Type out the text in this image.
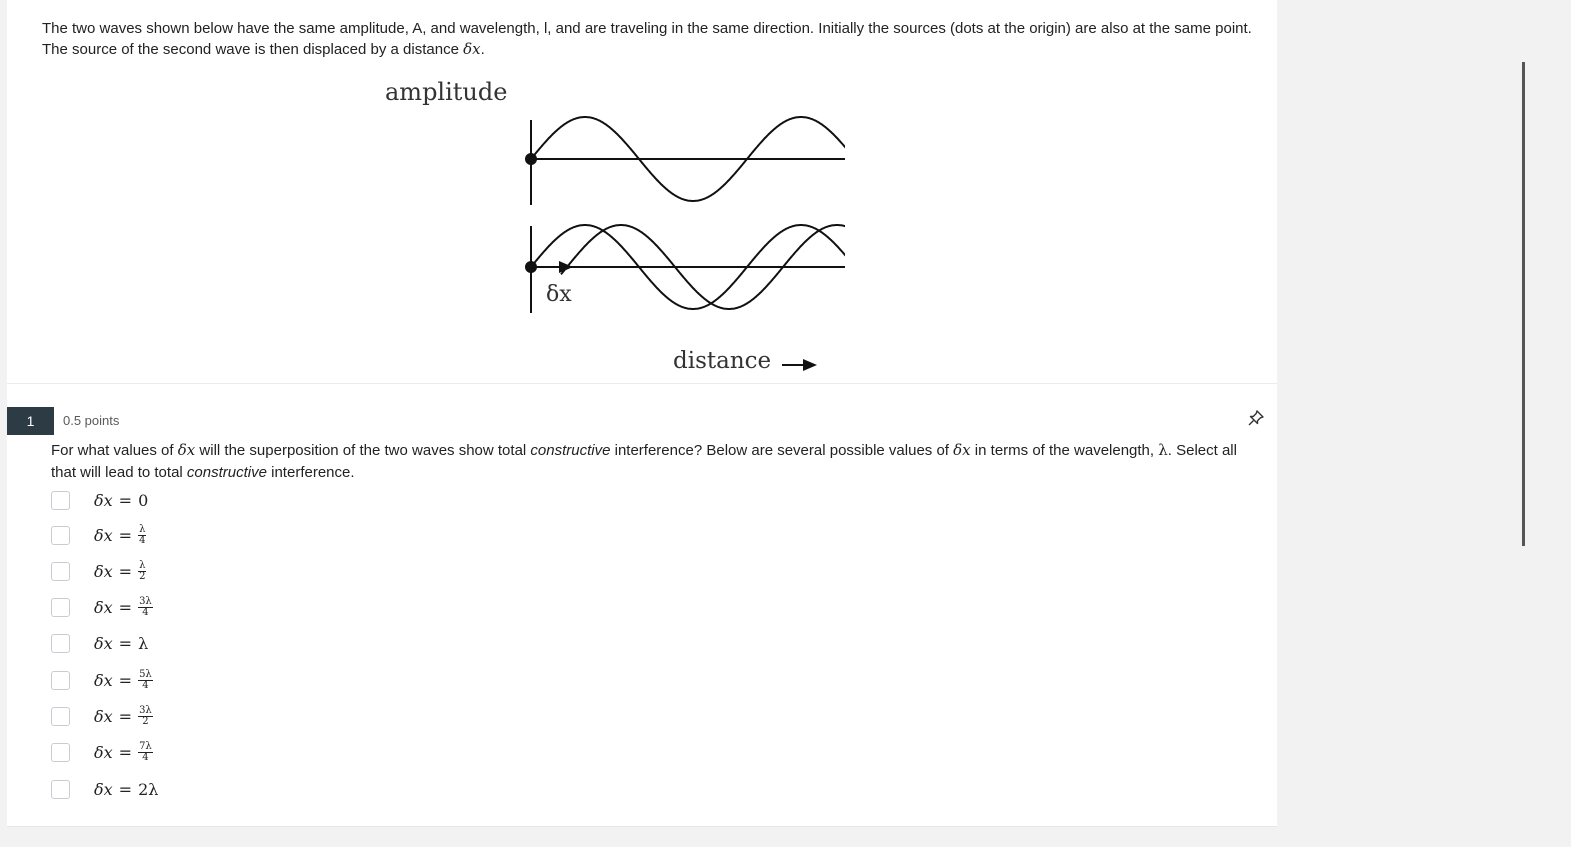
The two waves shown below have the same amplitude, A, and wavelength, l, and are traveling in the same direction. Initially the sources (dots at the origin) are also at the same point. The source of the second wave is then displaced by a distance δx.
amplitude
δx
distance
1	0.5 points
For what values of δx will the superposition of the two waves show total constructive interference? Below are several possible values of δx in terms of the wavelength, λ. Select all that will lead to total constructive interference.
δx = 0
$\delta x = \frac{\lambda}{4}$
$\delta x = \frac{\lambda}{2}$
$\delta x = \frac{3\lambda}{4}$
δx = λ
$\delta x = \frac{5\lambda}{4}$
$\delta x = \frac{3\lambda}{2}$
$\delta x = \frac{7\lambda}{4}$
δx = 2λ
